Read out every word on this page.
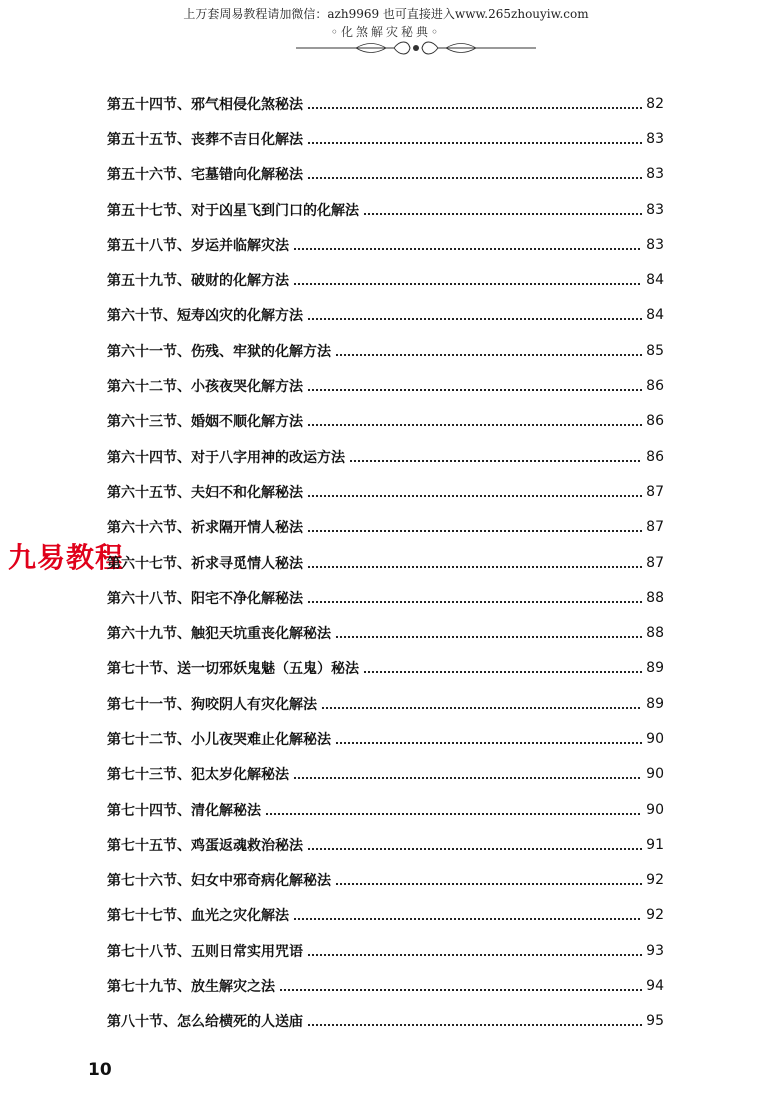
上万套周易教程请加微信：azh9969 也可直接进入www.265zhouyiw.com
◦化煞解灾秘典◦
九易教程
第五十四节、邪气相侵化煞秘法	82
第五十五节、丧葬不吉日化解法	83
第五十六节、宅墓错向化解秘法	83
第五十七节、对于凶星飞到门口的化解法	83
第五十八节、岁运并临解灾法	83
第五十九节、破财的化解方法	84
第六十节、短寿凶灾的化解方法	84
第六十一节、伤残、牢狱的化解方法	85
第六十二节、小孩夜哭化解方法	86
第六十三节、婚姻不顺化解方法	86
第六十四节、对于八字用神的改运方法	86
第六十五节、夫妇不和化解秘法	87
第六十六节、祈求隔开情人秘法	87
第六十七节、祈求寻觅情人秘法	87
第六十八节、阳宅不净化解秘法	88
第六十九节、触犯天坑重丧化解秘法	88
第七十节、送一切邪妖鬼魅（五鬼）秘法	89
第七十一节、狗咬阴人有灾化解法	89
第七十二节、小儿夜哭难止化解秘法	90
第七十三节、犯太岁化解秘法	90
第七十四节、清化解秘法	90
第七十五节、鸡蛋返魂救治秘法	91
第七十六节、妇女中邪奇病化解秘法	92
第七十七节、血光之灾化解法	92
第七十八节、五则日常实用咒语	93
第七十九节、放生解灾之法	94
第八十节、怎么给横死的人送庙	95
10
